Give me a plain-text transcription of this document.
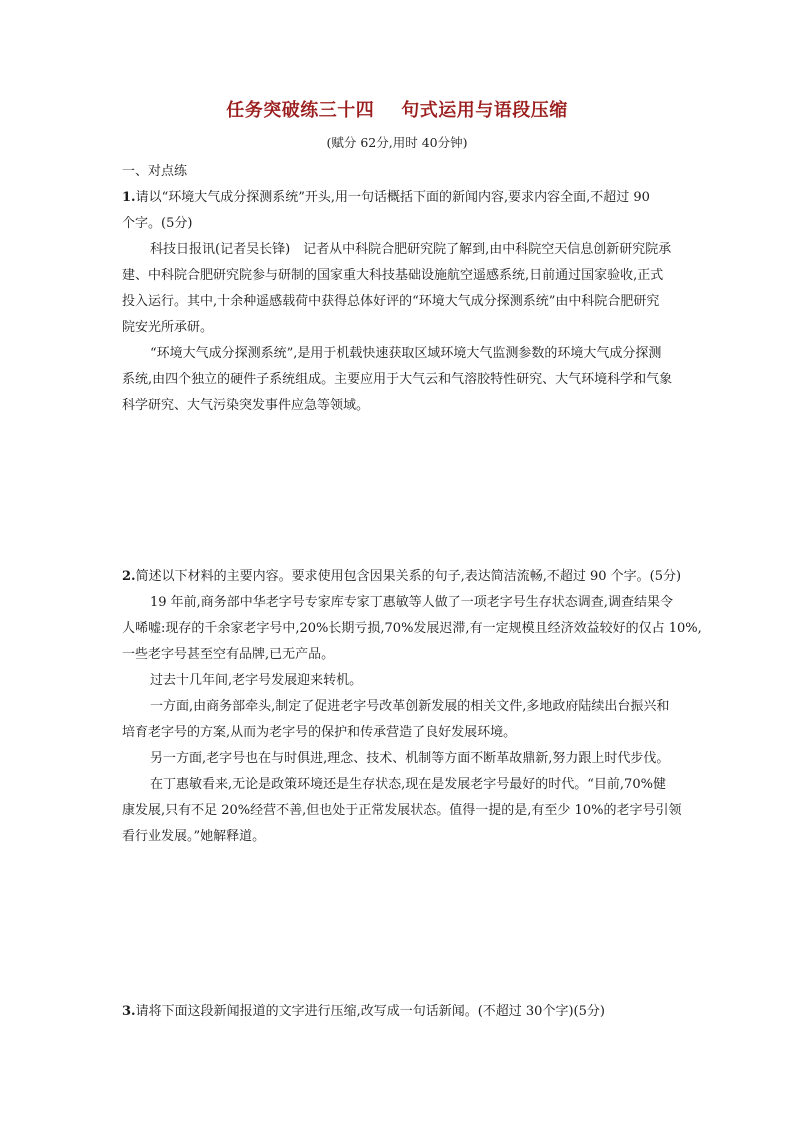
任务突破练三十四    句式运用与语段压缩
(赋分 62分,用时 40分钟)
一、对点练
1.请以“环境大气成分探测系统”开头,用一句话概括下面的新闻内容,要求内容全面,不超过 90
个字。(5分)
科技日报讯(记者吴长锋)　记者从中科院合肥研究院了解到,由中科院空天信息创新研究院承
建、中科院合肥研究院参与研制的国家重大科技基础设施航空遥感系统,日前通过国家验收,正式
投入运行。其中,十余种遥感载荷中获得总体好评的“环境大气成分探测系统”由中科院合肥研究
院安光所承研。
“环境大气成分探测系统”,是用于机载快速获取区域环境大气监测参数的环境大气成分探测
系统,由四个独立的硬件子系统组成。主要应用于大气云和气溶胶特性研究、大气环境科学和气象
科学研究、大气污染突发事件应急等领域。
2.简述以下材料的主要内容。要求使用包含因果关系的句子,表达简洁流畅,不超过 90 个字。(5分)
19 年前,商务部中华老字号专家库专家丁惠敏等人做了一项老字号生存状态调查,调查结果令
人唏嘘:现存的千余家老字号中,20%长期亏损,70%发展迟滞,有一定规模且经济效益较好的仅占 10%,
一些老字号甚至空有品牌,已无产品。
过去十几年间,老字号发展迎来转机。
一方面,由商务部牵头,制定了促进老字号改革创新发展的相关文件,多地政府陆续出台振兴和
培育老字号的方案,从而为老字号的保护和传承营造了良好发展环境。
另一方面,老字号也在与时俱进,理念、技术、机制等方面不断革故鼎新,努力跟上时代步伐。
在丁惠敏看来,无论是政策环境还是生存状态,现在是发展老字号最好的时代。“目前,70%健
康发展,只有不足 20%经营不善,但也处于正常发展状态。值得一提的是,有至少 10%的老字号引领
看行业发展。”她解释道。
3.请将下面这段新闻报道的文字进行压缩,改写成一句话新闻。(不超过 30个字)(5分)
